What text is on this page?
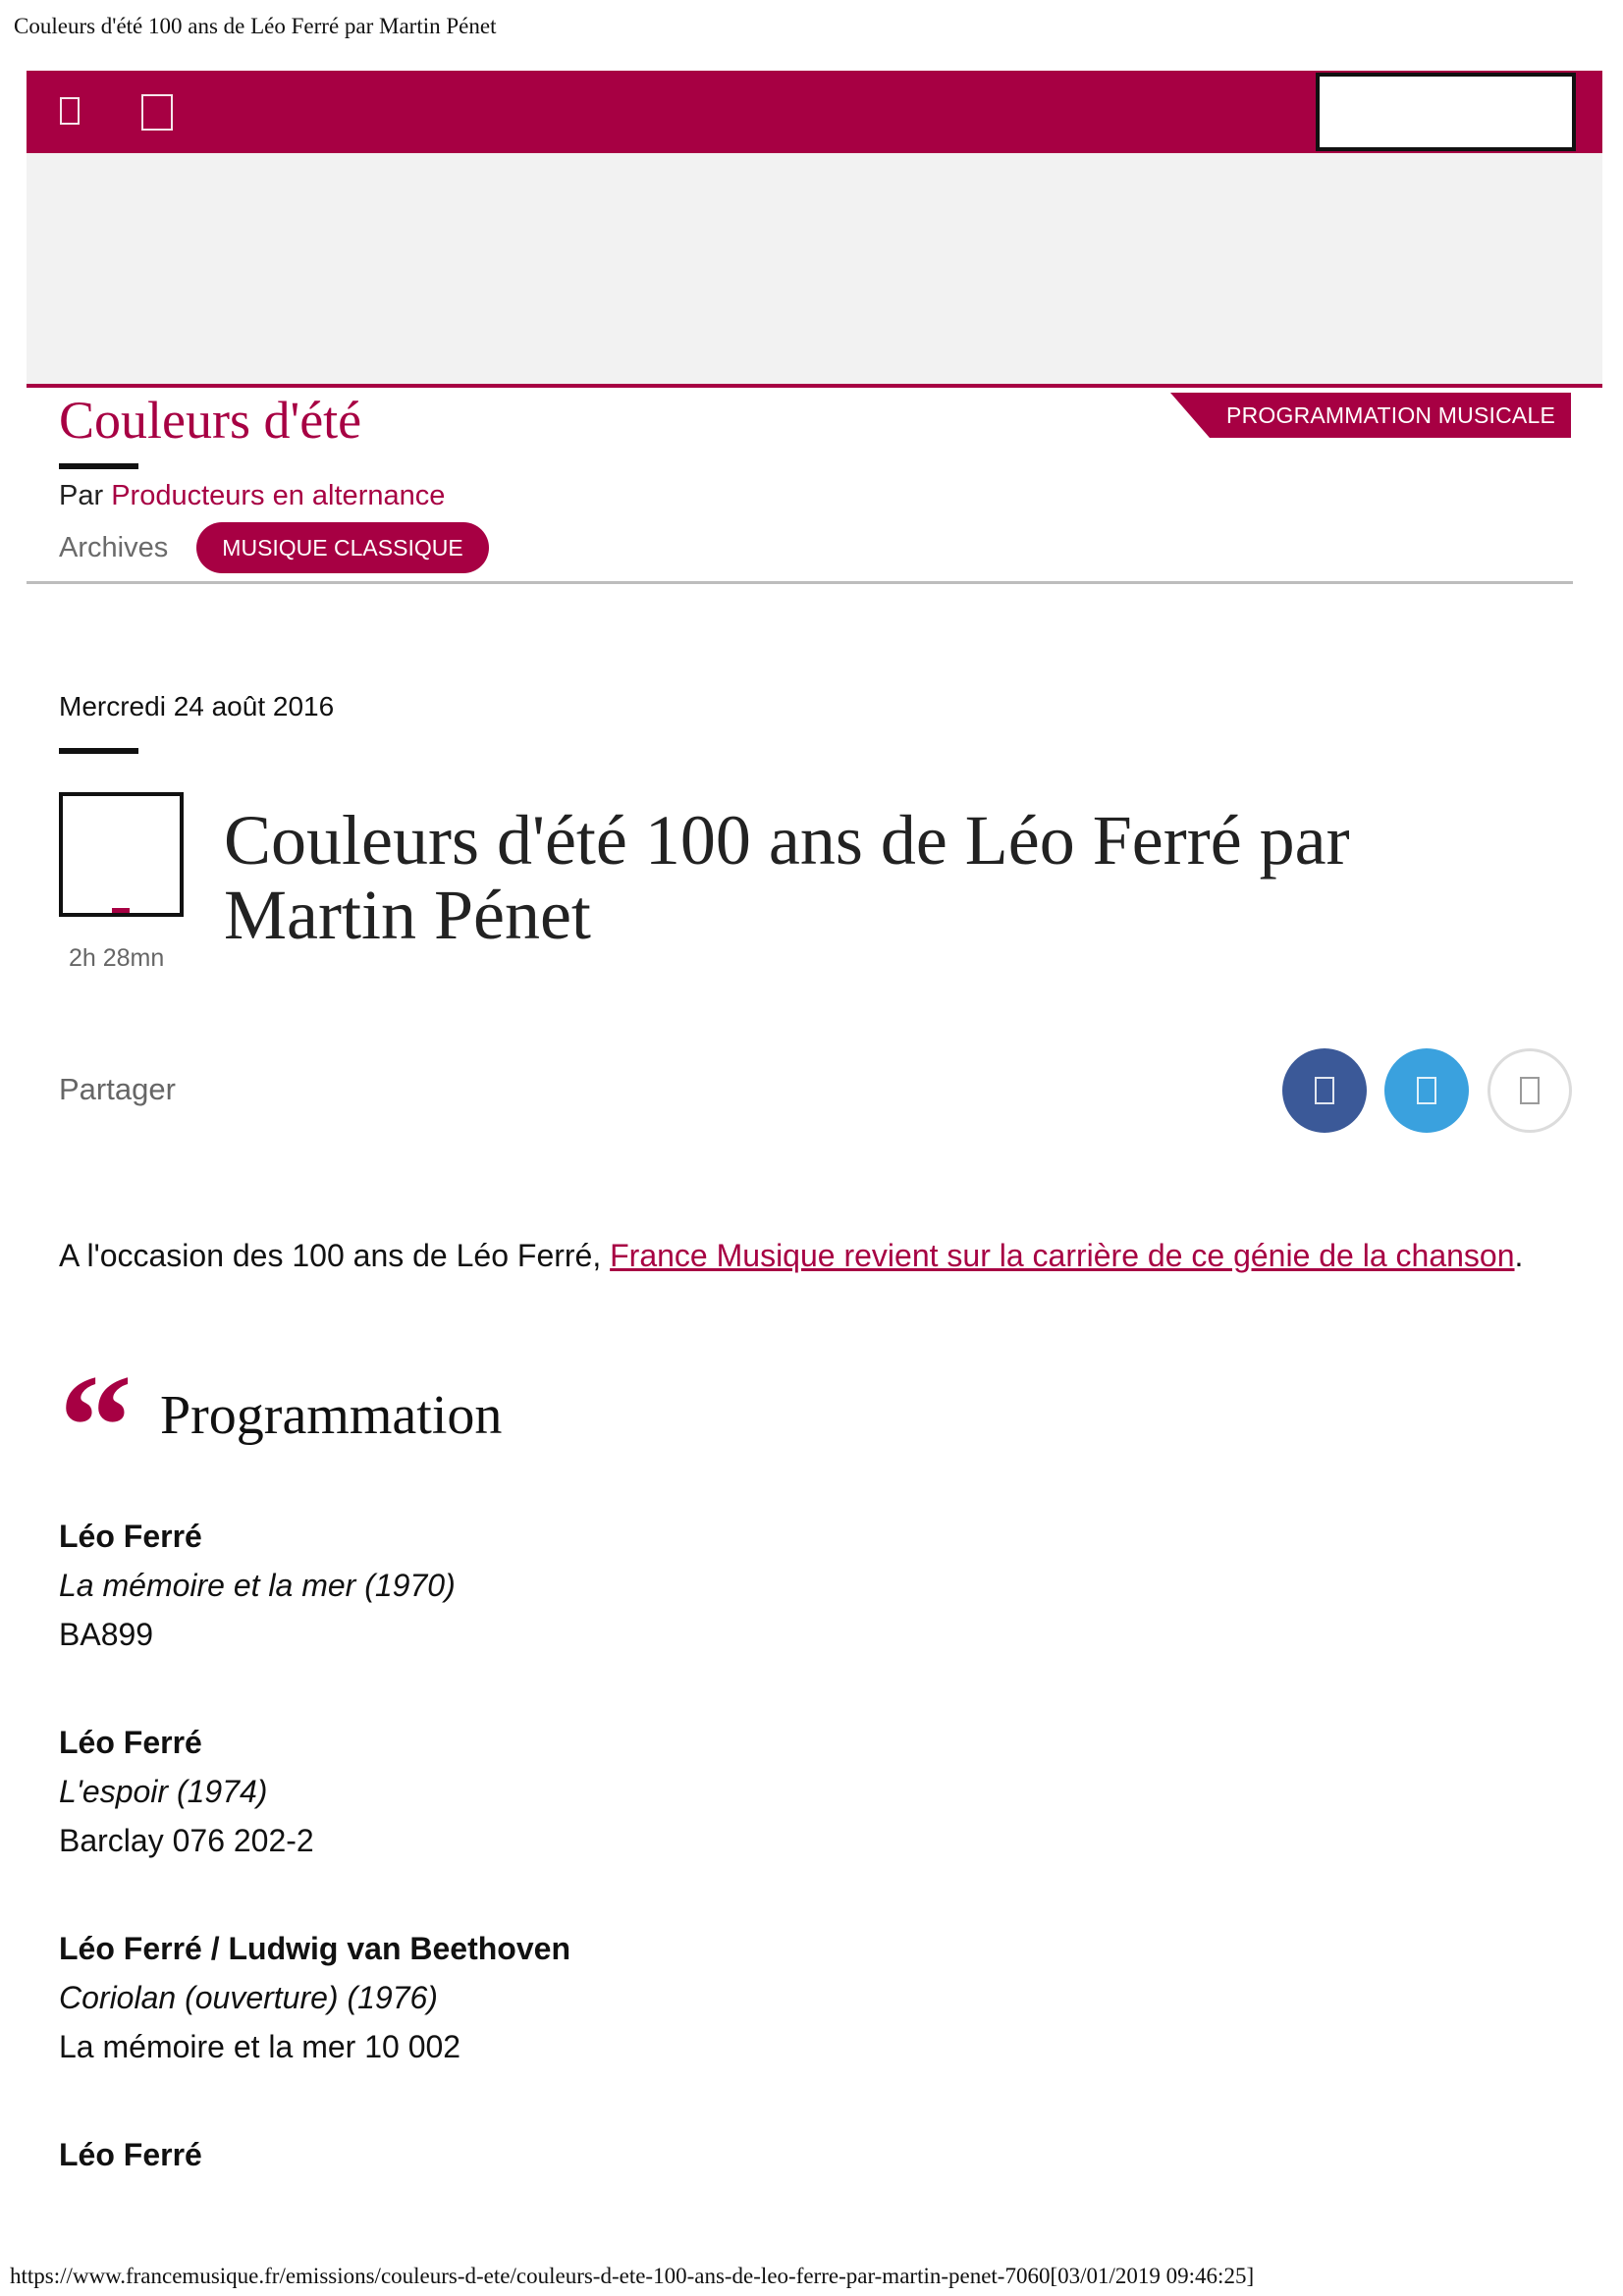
Couleurs d'été 100 ans de Léo Ferré par Martin Pénet
Couleurs d'été	PROGRAMMATION MUSICALE
Par Producteurs en alternance
Archives	MUSIQUE CLASSIQUE
Mercredi 24 août 2016
2h 28mn
Couleurs d'été 100 ans de Léo Ferré par Martin Pénet
Partager

A l'occasion des 100 ans de Léo Ferré, France Musique revient sur la carrière de ce génie de la chanson.

“ Programmation
Léo Ferré
La mémoire et la mer (1970)
BA899
Léo Ferré
L'espoir (1974)
Barclay 076 202-2
Léo Ferré / Ludwig van Beethoven
Coriolan (ouverture) (1976)
La mémoire et la mer 10 002
Léo Ferré
https://www.francemusique.fr/emissions/couleurs-d-ete/couleurs-d-ete-100-ans-de-leo-ferre-par-martin-penet-7060[03/01/2019 09:46:25]
